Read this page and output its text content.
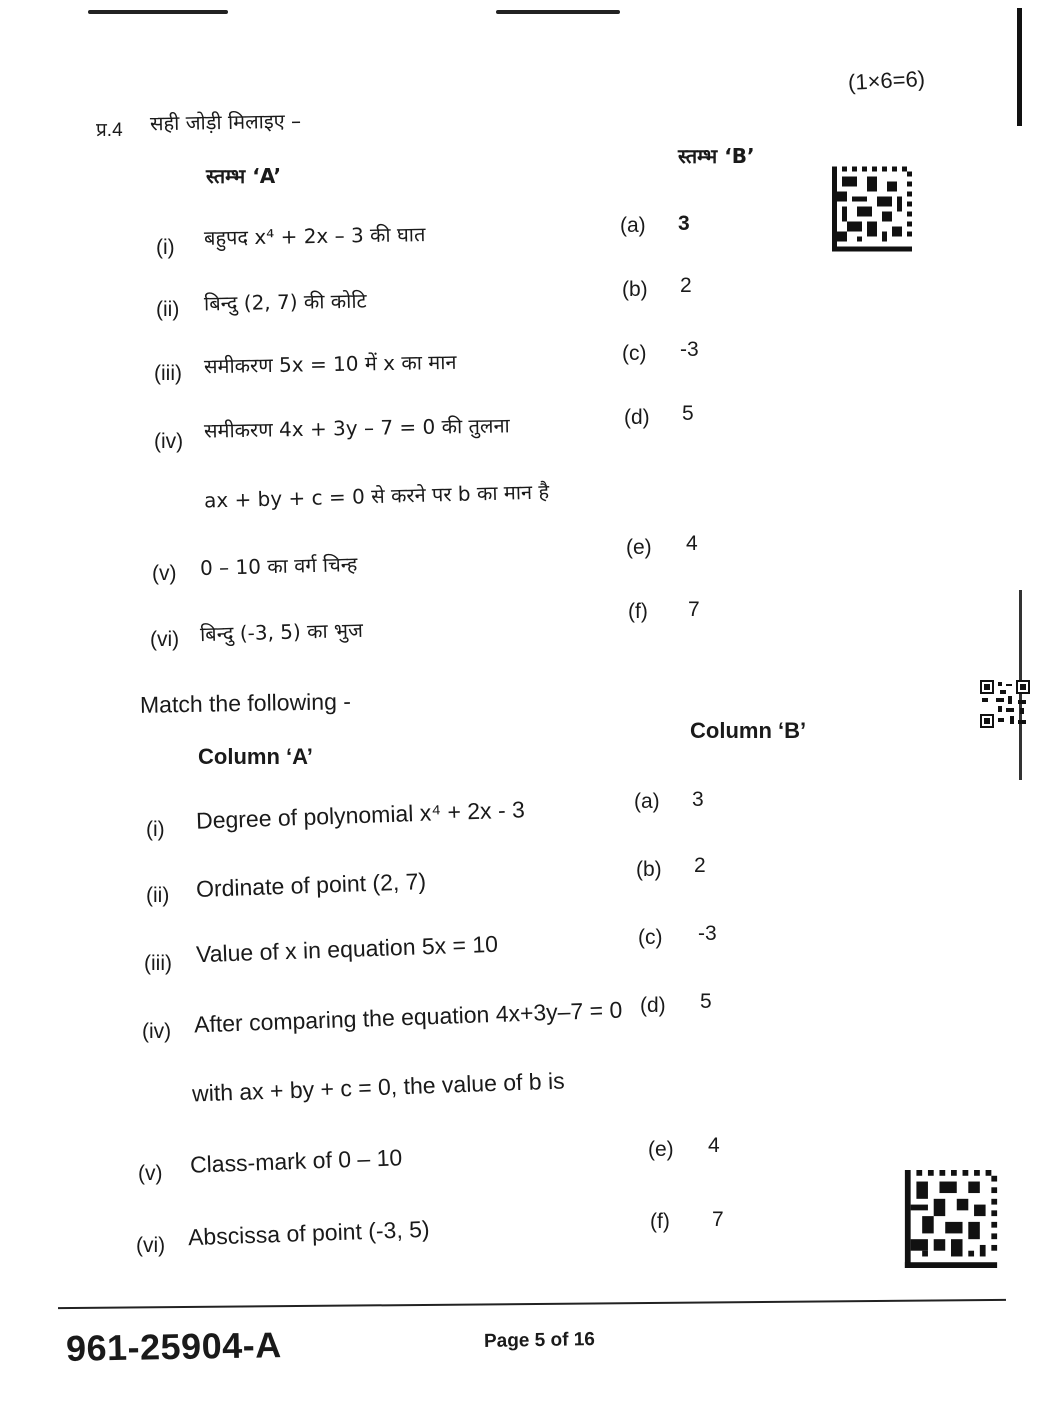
(1×6=6)
प्र.4 सही जोड़ी मिलाइए –
स्तम्भ ‘A’
स्तम्भ ‘B’
(i) बहुपद x⁴ + 2x – 3 की घात
(ii) बिन्दु (2, 7) की कोटि
(iii) समीकरण 5x = 10 में x का मान
(iv) समीकरण 4x + 3y – 7 = 0 की तुलना
ax + by + c = 0 से करने पर b का मान है
(v) 0 – 10 का वर्ग चिन्ह
(vi) बिन्दु (-3, 5) का भुज
(a) 3
(b) 2
(c) -3
(d) 5
(e) 4
(f) 7
Match the following -
Column ‘A’
Column ‘B’
(i) Degree of polynomial x⁴ + 2x - 3
(ii) Ordinate of point (2, 7)
(iii) Value of x in equation 5x = 10
(iv) After comparing the equation 4x+3y–7 = 0
with ax + by + c = 0, the value of b is
(v) Class-mark of 0 – 10
(vi) Abscissa of point (-3, 5)
(a) 3
(b) 2
(c) -3
(d) 5
(e) 4
(f) 7
961-25904-A	Page 5 of 16
